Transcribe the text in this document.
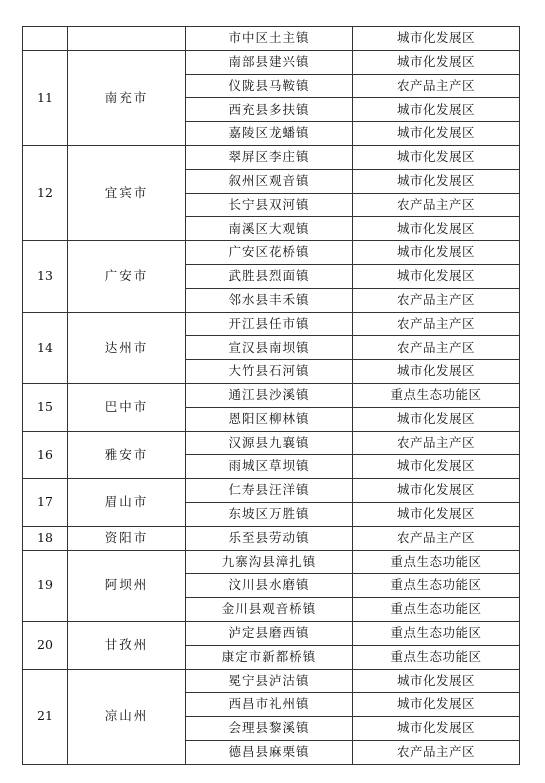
		市中区土主镇	城市化发展区
11	南充市	南部县建兴镇	城市化发展区
		仪陇县马鞍镇	农产品主产区
		西充县多扶镇	城市化发展区
		嘉陵区龙蟠镇	城市化发展区
12	宜宾市	翠屏区李庄镇	城市化发展区
		叙州区观音镇	城市化发展区
		长宁县双河镇	农产品主产区
		南溪区大观镇	城市化发展区
13	广安市	广安区花桥镇	城市化发展区
		武胜县烈面镇	城市化发展区
		邻水县丰禾镇	农产品主产区
14	达州市	开江县任市镇	农产品主产区
		宣汉县南坝镇	农产品主产区
		大竹县石河镇	城市化发展区
15	巴中市	通江县沙溪镇	重点生态功能区
		恩阳区柳林镇	城市化发展区
16	雅安市	汉源县九襄镇	农产品主产区
		雨城区草坝镇	城市化发展区
17	眉山市	仁寿县汪洋镇	城市化发展区
		东坡区万胜镇	城市化发展区
18	资阳市	乐至县劳动镇	农产品主产区
19	阿坝州	九寨沟县漳扎镇	重点生态功能区
		汶川县水磨镇	重点生态功能区
		金川县观音桥镇	重点生态功能区
20	甘孜州	泸定县磨西镇	重点生态功能区
		康定市新都桥镇	重点生态功能区
21	凉山州	冕宁县泸沽镇	城市化发展区
		西昌市礼州镇	城市化发展区
		会理县黎溪镇	城市化发展区
		德昌县麻栗镇	农产品主产区
